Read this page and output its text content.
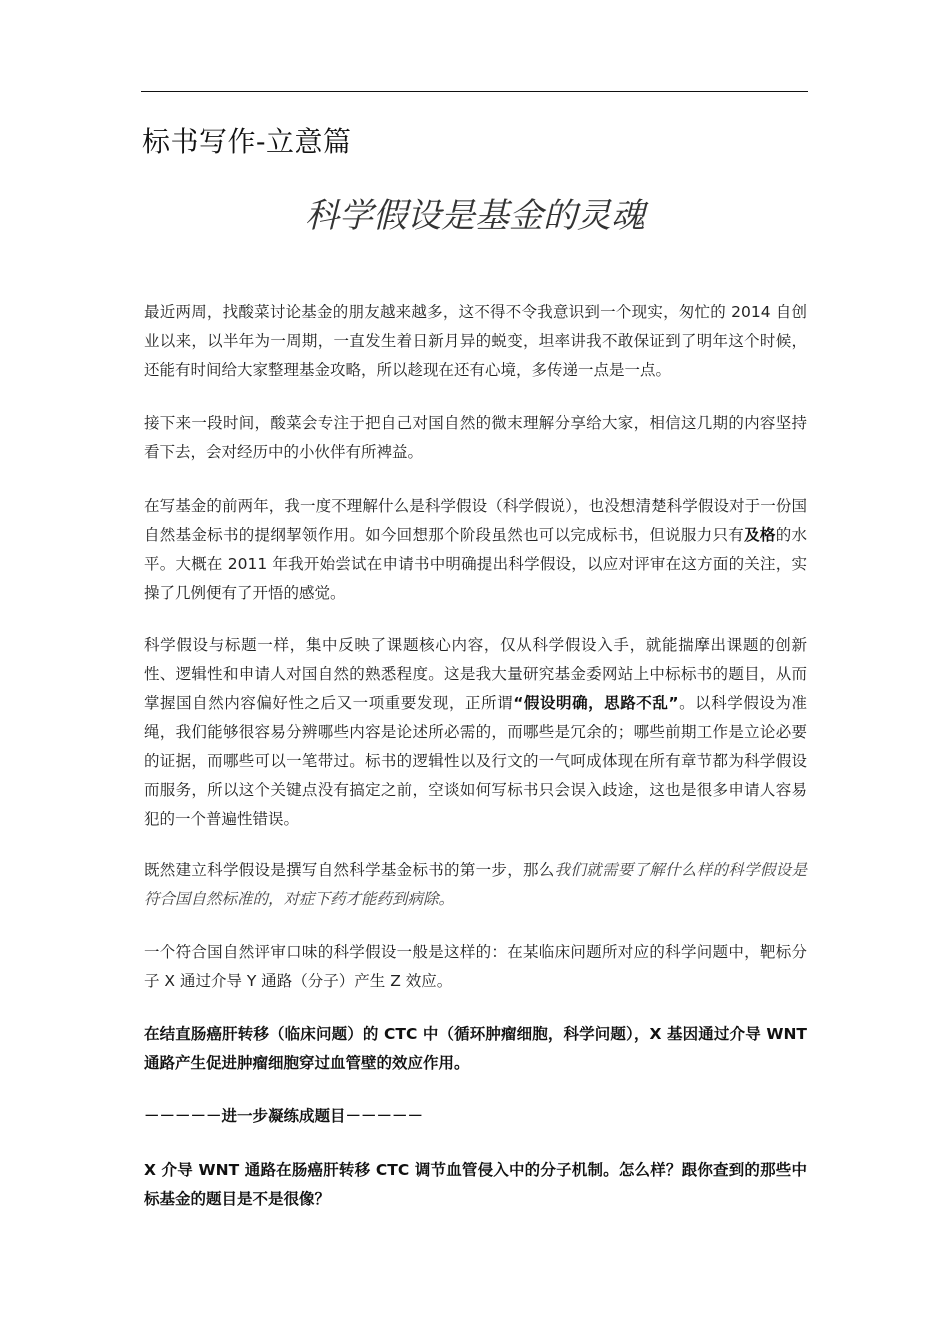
标书写作-立意篇
科学假设是基金的灵魂

最近两周，找酸菜讨论基金的朋友越来越多，这不得不令我意识到一个现实，匆忙的 2014 自创业以来，以半年为一周期，一直发生着日新月异的蜕变，坦率讲我不敢保证到了明年这个时候，还能有时间给大家整理基金攻略，所以趁现在还有心境，多传递一点是一点。

接下来一段时间，酸菜会专注于把自己对国自然的微末理解分享给大家，相信这几期的内容坚持看下去，会对经历中的小伙伴有所裨益。

在写基金的前两年，我一度不理解什么是科学假设（科学假说），也没想清楚科学假设对于一份国自然基金标书的提纲挈领作用。如今回想那个阶段虽然也可以完成标书，但说服力只有及格的水平。大概在 2011 年我开始尝试在申请书中明确提出科学假设，以应对评审在这方面的关注，实操了几例便有了开悟的感觉。

科学假设与标题一样，集中反映了课题核心内容，仅从科学假设入手，就能揣摩出课题的创新性、逻辑性和申请人对国自然的熟悉程度。这是我大量研究基金委网站上中标标书的题目，从而掌握国自然内容偏好性之后又一项重要发现，正所谓“假设明确，思路不乱”。以科学假设为准绳，我们能够很容易分辨哪些内容是论述所必需的，而哪些是冗余的；哪些前期工作是立论必要的证据，而哪些可以一笔带过。标书的逻辑性以及行文的一气呵成体现在所有章节都为科学假设而服务，所以这个关键点没有搞定之前，空谈如何写标书只会误入歧途，这也是很多申请人容易犯的一个普遍性错误。

既然建立科学假设是撰写自然科学基金标书的第一步，那么我们就需要了解什么样的科学假设是符合国自然标准的，对症下药才能药到病除。

一个符合国自然评审口味的科学假设一般是这样的：在某临床问题所对应的科学问题中，靶标分子 X 通过介导 Y 通路（分子）产生 Z 效应。

在结直肠癌肝转移（临床问题）的 CTC 中（循环肿瘤细胞，科学问题），X 基因通过介导 WNT 通路产生促进肿瘤细胞穿过血管壁的效应作用。

－－－－－进一步凝练成题目－－－－－

X 介导 WNT 通路在肠癌肝转移 CTC 调节血管侵入中的分子机制。怎么样？跟你查到的那些中标基金的题目是不是很像？
